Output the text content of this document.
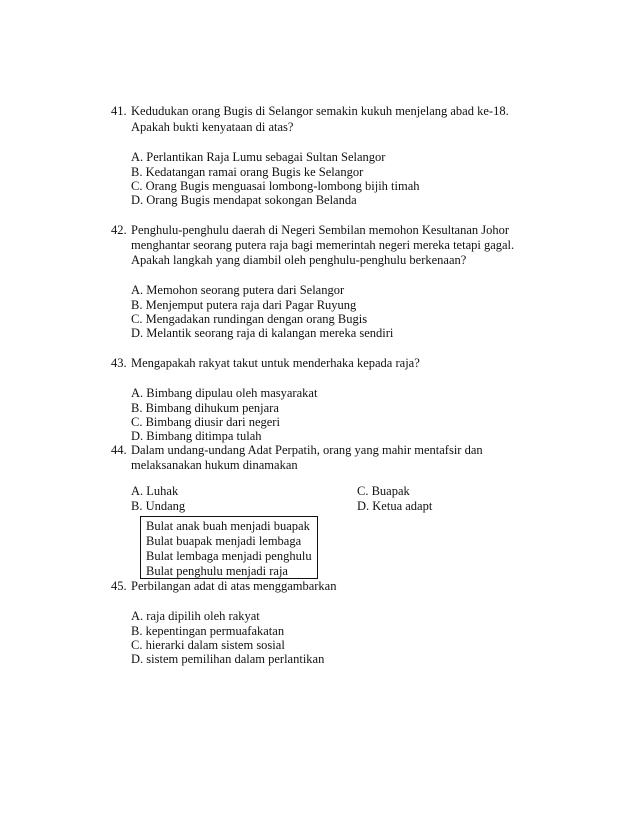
41. Kedudukan orang Bugis di Selangor semakin kukuh menjelang abad ke-18.
Apakah bukti kenyataan di atas?
A. Perlantikan Raja Lumu sebagai Sultan Selangor
B. Kedatangan ramai orang Bugis ke Selangor
C. Orang Bugis menguasai lombong-lombong bijih timah
D. Orang Bugis mendapat sokongan Belanda
42. Penghulu-penghulu daerah di Negeri Sembilan memohon Kesultanan Johor
menghantar seorang putera raja bagi memerintah negeri mereka tetapi gagal.
Apakah langkah yang diambil oleh penghulu-penghulu berkenaan?
A. Memohon seorang putera dari Selangor
B. Menjemput putera raja dari Pagar Ruyung
C. Mengadakan rundingan dengan orang Bugis
D. Melantik seorang raja di kalangan mereka sendiri
43. Mengapakah rakyat takut untuk menderhaka kepada raja?
A. Bimbang dipulau oleh masyarakat
B. Bimbang dihukum penjara
C. Bimbang diusir dari negeri
D. Bimbang ditimpa tulah
44. Dalam undang-undang Adat Perpatih, orang yang mahir mentafsir dan
melaksanakan hukum dinamakan
A. Luhak
B. Undang
C. Buapak
D. Ketua adapt
Bulat anak buah menjadi buapak
Bulat buapak menjadi lembaga
Bulat lembaga menjadi penghulu
Bulat penghulu menjadi raja
45. Perbilangan adat di atas menggambarkan
A. raja dipilih oleh rakyat
B. kepentingan permuafakatan
C. hierarki dalam sistem sosial
D. sistem pemilihan dalam perlantikan
